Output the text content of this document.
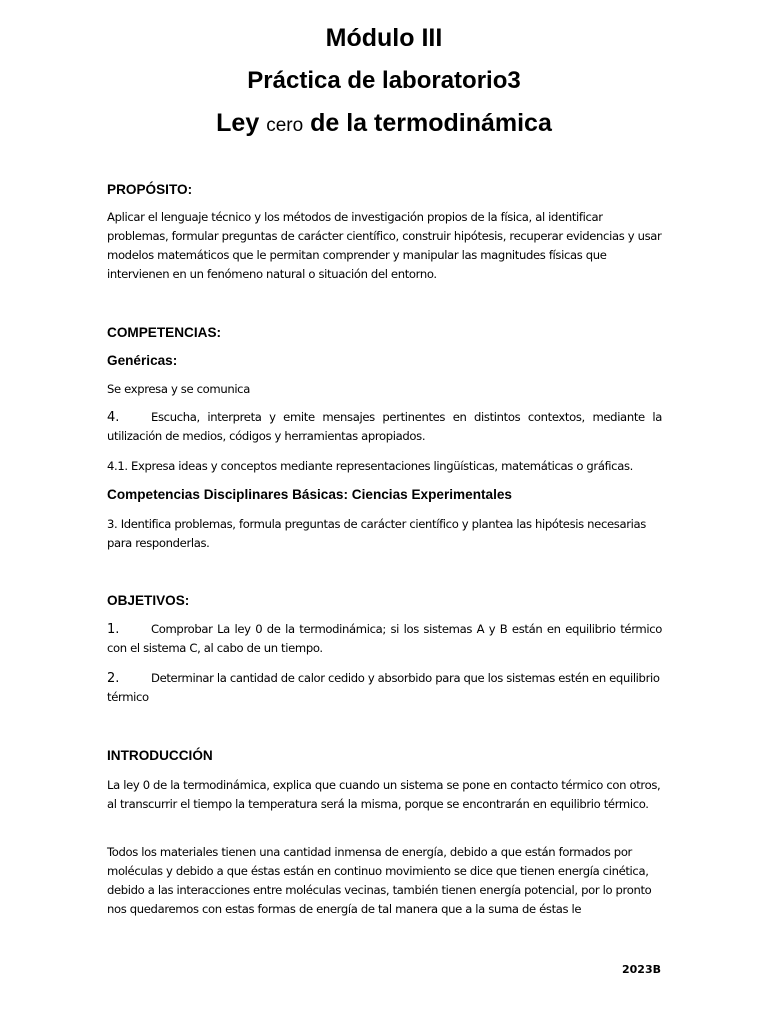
Módulo III
Práctica de laboratorio3
Ley cero de la termodinámica
PROPÓSITO:
Aplicar el lenguaje técnico y los métodos de investigación propios de la física, al identificar problemas, formular preguntas de carácter científico, construir hipótesis, recuperar evidencias y usar modelos matemáticos que le permitan comprender y manipular las magnitudes físicas que intervienen en un fenómeno natural o situación del entorno.
COMPETENCIAS:
Genéricas:
Se expresa y se comunica
4.	Escucha, interpreta y emite mensajes pertinentes en distintos contextos, mediante la utilización de medios, códigos y herramientas apropiados.
4.1. Expresa ideas y conceptos mediante representaciones lingüísticas, matemáticas o gráficas.
Competencias Disciplinares Básicas: Ciencias Experimentales
3. Identifica problemas, formula preguntas de carácter científico y plantea las hipótesis necesarias para responderlas.
OBJETIVOS:
1.	Comprobar La ley 0 de la termodinámica; si los sistemas A y B están en equilibrio térmico con el sistema C, al cabo de un tiempo.
2.	Determinar la cantidad de calor cedido y absorbido para que los sistemas estén en equilibrio térmico
INTRODUCCIÓN
La ley 0 de la termodinámica, explica que cuando un sistema se pone en contacto térmico con otros, al transcurrir el tiempo la temperatura será la misma, porque se encontrarán en equilibrio térmico.
Todos los materiales tienen una cantidad inmensa de energía, debido a que están formados por moléculas y debido a que éstas están en continuo movimiento se dice que tienen energía cinética, debido a las interacciones entre moléculas vecinas, también tienen energía potencial, por lo pronto nos quedaremos con estas formas de energía de tal manera que a la suma de éstas le
2023B
